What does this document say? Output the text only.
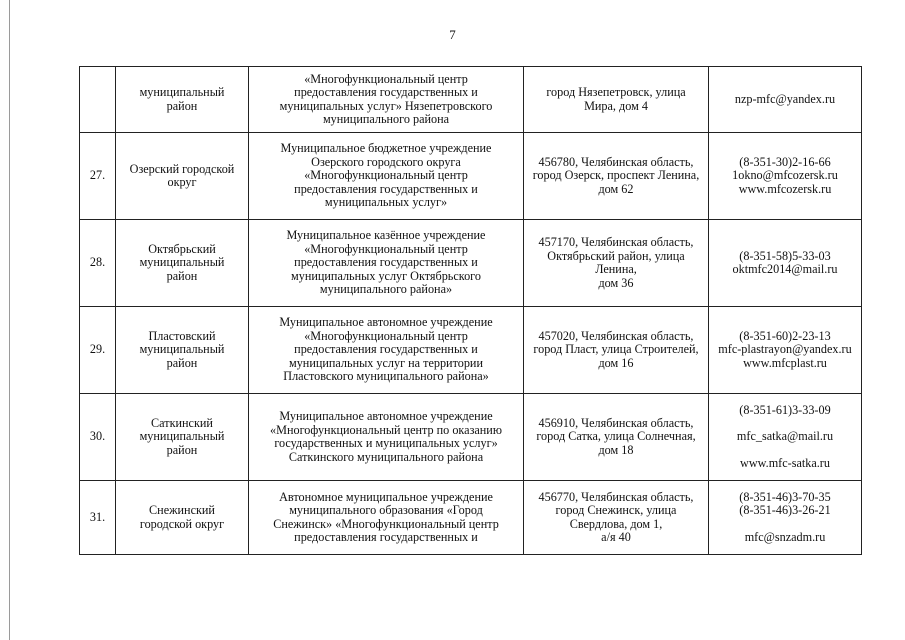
7

	муниципальный
район	«Многофункциональный центр
предоставления государственных и
муниципальных услуг» Нязепетровского
муниципального района	город Нязепетровск, улица
Мира, дом 4	nzp-mfc@yandex.ru

27.	Озерский городской
округ	Муниципальное бюджетное учреждение
Озерского городского округа
«Многофункциональный центр
предоставления государственных и
муниципальных услуг»	456780, Челябинская область,
город Озерск, проспект Ленина,
дом 62	(8-351-30)2-16-66
1okno@mfcozersk.ru
www.mfcozersk.ru

28.	Октябрьский
муниципальный
район	Муниципальное казённое учреждение
«Многофункциональный центр
предоставления государственных и
муниципальных услуг Октябрьского
муниципального района»	457170, Челябинская область,
Октябрьский район, улица
Ленина,
дом 36	(8-351-58)5-33-03
oktmfc2014@mail.ru

29.	Пластовский
муниципальный
район	Муниципальное автономное учреждение
«Многофункциональный центр
предоставления государственных и
муниципальных услуг на территории
Пластовского муниципального района»	457020, Челябинская область,
город Пласт, улица Строителей,
дом 16	(8-351-60)2-23-13
mfc-plastrayon@yandex.ru
www.mfcplast.ru

30.	Саткинский
муниципальный
район	Муниципальное автономное учреждение
«Многофункциональный центр по оказанию
государственных и муниципальных услуг»
Саткинского муниципального района	456910, Челябинская область,
город Сатка, улица Солнечная,
дом 18	(8-351-61)3-33-09
mfc_satka@mail.ru
www.mfc-satka.ru

31.	Снежинский
городской округ	Автономное муниципальное учреждение
муниципального образования «Город
Снежинск» «Многофункциональный центр
предоставления государственных и	456770, Челябинская область,
город Снежинск, улица
Свердлова, дом 1,
а/я 40	(8-351-46)3-70-35
(8-351-46)3-26-21
mfc@snzadm.ru
